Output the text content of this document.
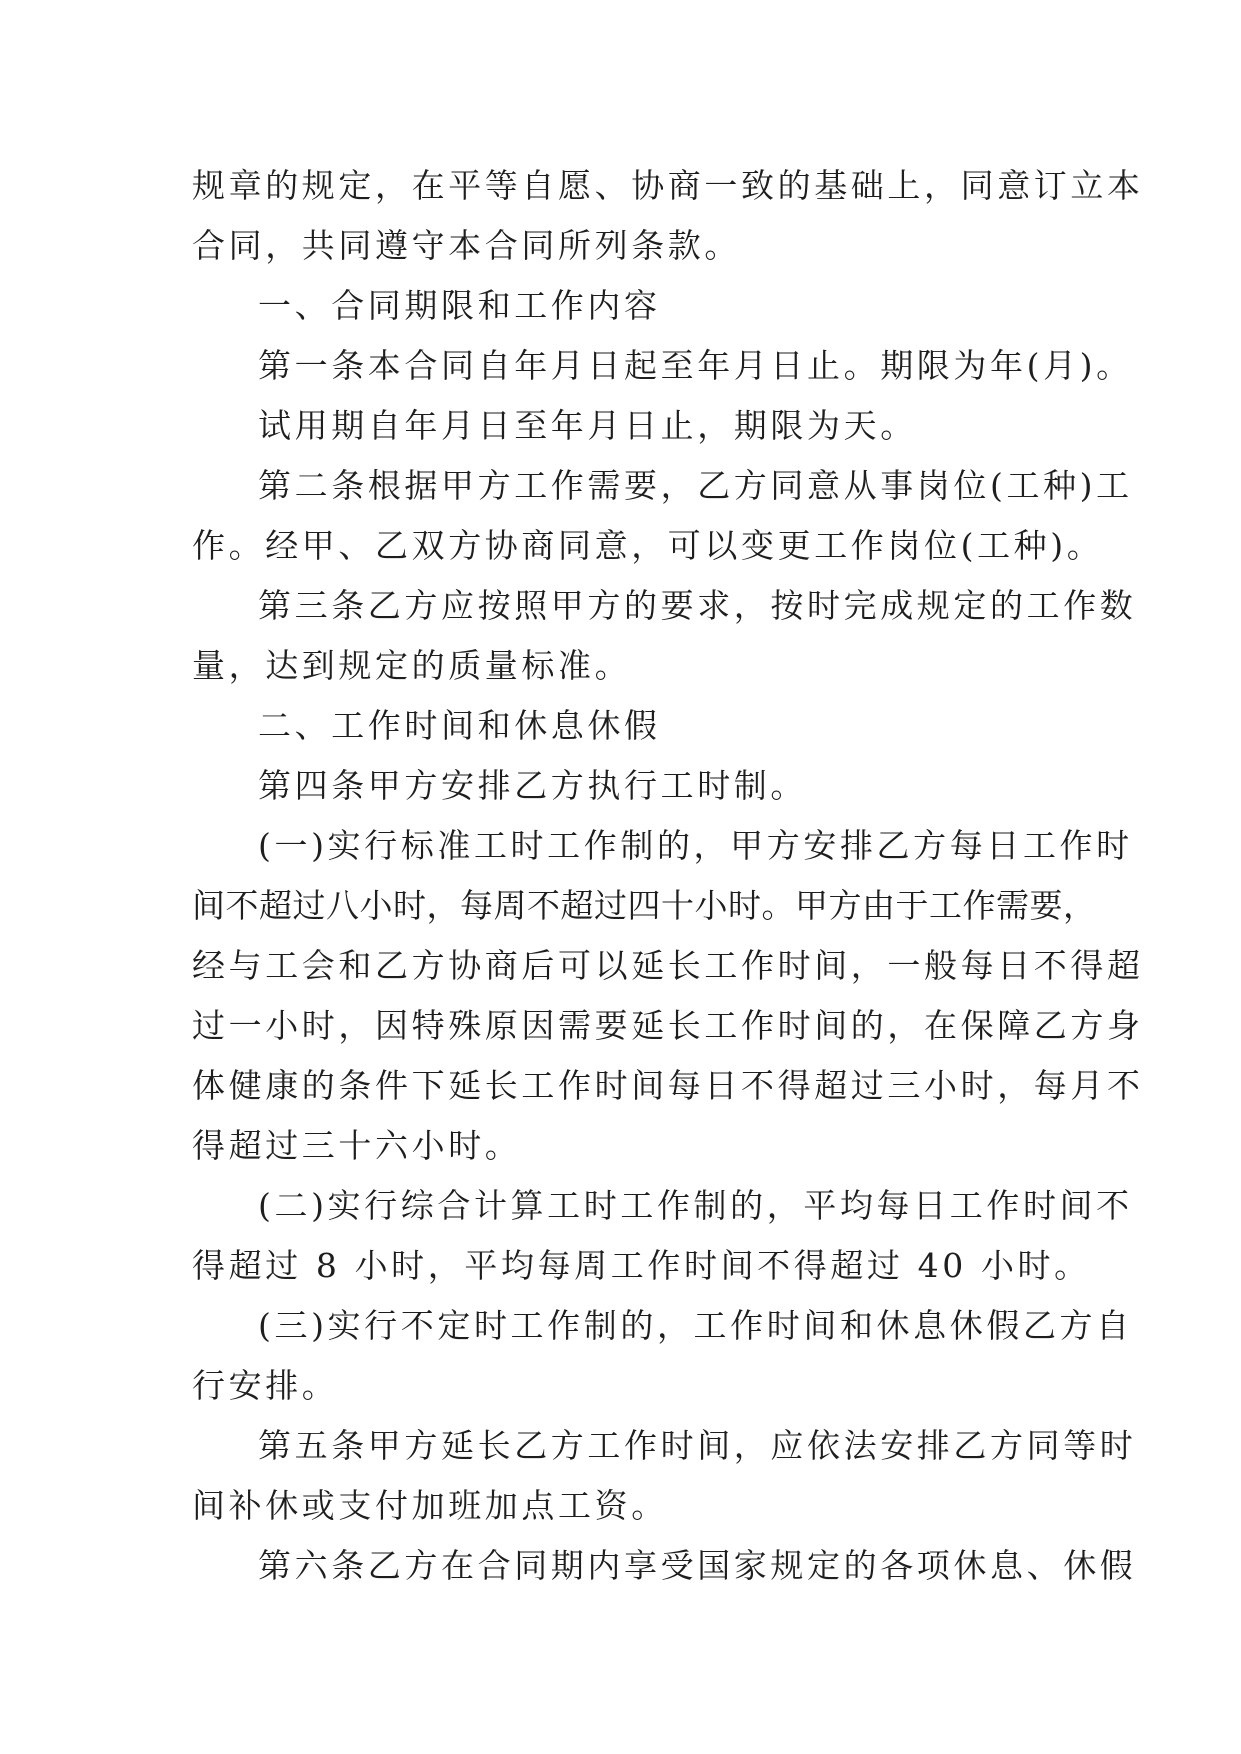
规章的规定，在平等自愿、协商一致的基础上，同意订立本
合同，共同遵守本合同所列条款。
一、合同期限和工作内容
第一条本合同自年月日起至年月日止。期限为年(月)。
试用期自年月日至年月日止，期限为天。
第二条根据甲方工作需要，乙方同意从事岗位(工种)工
作。经甲、乙双方协商同意，可以变更工作岗位(工种)。
第三条乙方应按照甲方的要求，按时完成规定的工作数
量，达到规定的质量标准。
二、工作时间和休息休假
第四条甲方安排乙方执行工时制。
(一)实行标准工时工作制的，甲方安排乙方每日工作时
间不超过八小时，每周不超过四十小时。甲方由于工作需要，
经与工会和乙方协商后可以延长工作时间，一般每日不得超
过一小时，因特殊原因需要延长工作时间的，在保障乙方身
体健康的条件下延长工作时间每日不得超过三小时，每月不
得超过三十六小时。
(二)实行综合计算工时工作制的，平均每日工作时间不
得超过 8 小时，平均每周工作时间不得超过 40 小时。
(三)实行不定时工作制的，工作时间和休息休假乙方自
行安排。
第五条甲方延长乙方工作时间，应依法安排乙方同等时
间补休或支付加班加点工资。
第六条乙方在合同期内享受国家规定的各项休息、休假
